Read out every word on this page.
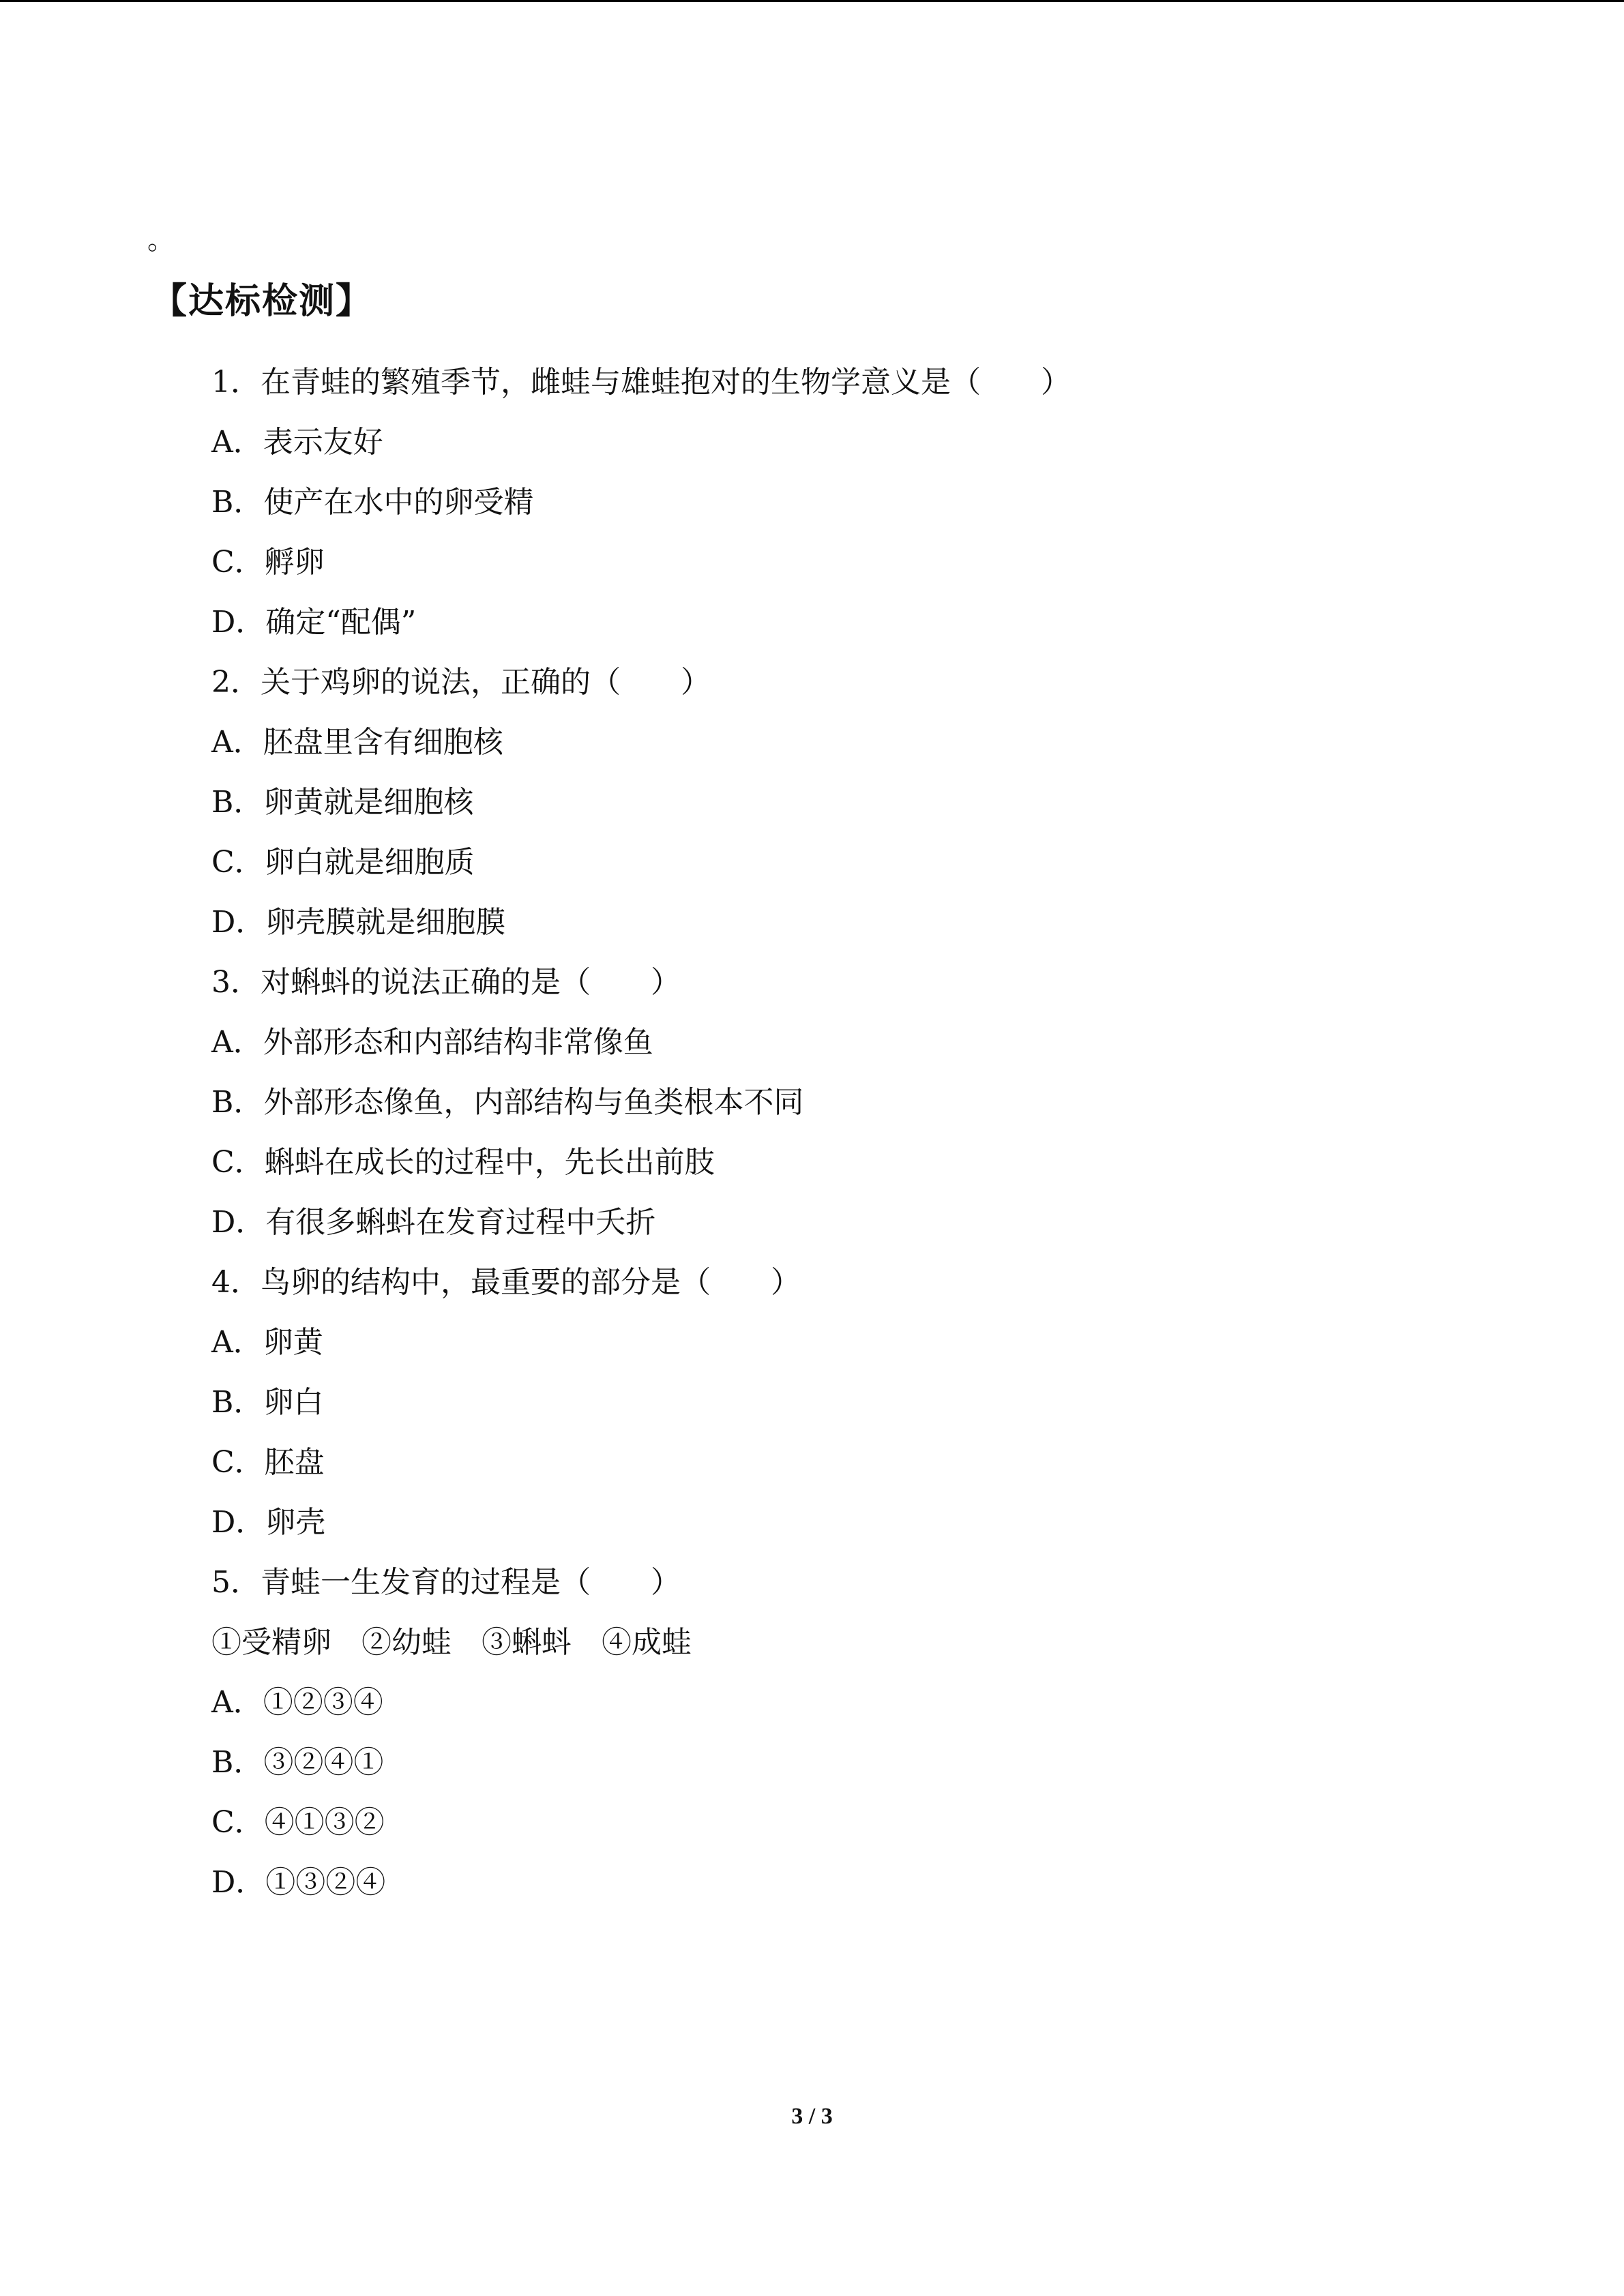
。
【达标检测】
1．在青蛙的繁殖季节，雌蛙与雄蛙抱对的生物学意义是（　　）
A．表示友好
B．使产在水中的卵受精
C．孵卵
D．确定“配偶”
2．关于鸡卵的说法，正确的（　　）
A．胚盘里含有细胞核
B．卵黄就是细胞核
C．卵白就是细胞质
D．卵壳膜就是细胞膜
3．对蝌蚪的说法正确的是（　　）
A．外部形态和内部结构非常像鱼
B．外部形态像鱼，内部结构与鱼类根本不同
C．蝌蚪在成长的过程中，先长出前肢
D．有很多蝌蚪在发育过程中夭折
4．鸟卵的结构中，最重要的部分是（　　）
A．卵黄
B．卵白
C．胚盘
D．卵壳
5．青蛙一生发育的过程是（　　）
①受精卵　②幼蛙　③蝌蚪　④成蛙
A．①②③④
B．③②④①
C．④①③②
D．①③②④
3 / 3
